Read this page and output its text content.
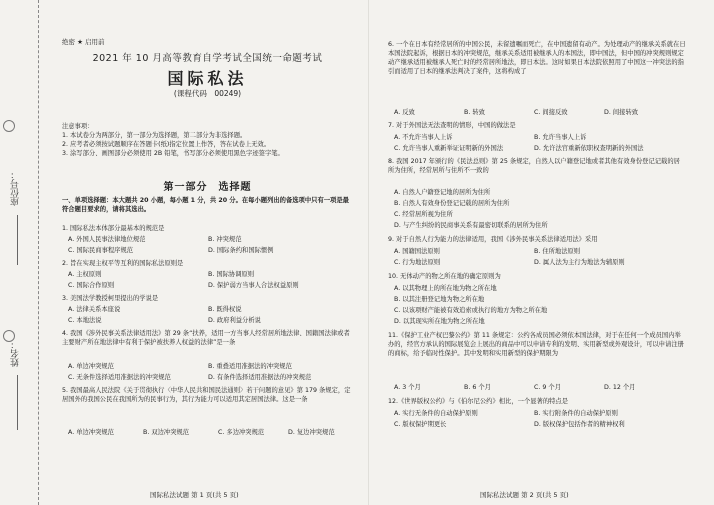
座位号：
姓名：
绝密 ★ 启用前
2021 年 10 月高等教育自学考试全国统一命题考试
国际私法
(课程代码　00249)

注意事项：

1. 本试卷分为两部分，第一部分为选择题，第二部分为非选择题。

2. 应考者必须按试题顺序在答题卡(纸)指定位置上作答，答在试卷上无效。

3. 涂写部分、画图部分必须使用 2B 铅笔，书写部分必须使用黑色字迹签字笔。

第一部分　选择题
一、单项选择题：本大题共 20 小题，每小题 1 分，共 20 分。在每小题列出的备选项中只有一项是最符合题目要求的，请将其选出。

1. 国际私法本体部分最基本的规范是

A. 外国人民事法律地位规范	B. 冲突规范
C. 国际民商事程序规范	D. 国际条约和国际惯例
2. 旨在实现主权平等互利的国际私法原则是
A. 主权原则	B. 国际协调原则
C. 国际合作原则	D. 保护弱方当事人合法权益原则
3. 美国法学教授柯里提出的学说是
A. 法律关系本座说	B. 既得权说
C. 本地法说	D. 政府利益分析说
4. 我国《涉外民事关系法律适用法》第 29 条“扶养，适用一方当事人经常居所地法律、国籍国法律或者主要财产所在地法律中有利于保护被扶养人权益的法律”是一条
A. 单边冲突规范	B. 重叠适用准据法的冲突规范
C. 无条件选择适用准据法的冲突规范	D. 有条件选择适用准据法的冲突规范
5. 我国最高人民法院《关于贯彻执行〈中华人民共和国民法通则〉若干问题的意见》第 179 条规定，定居国外的我国公民在我国所为的民事行为，其行为能力可以适用其定居国法律。这是一条
A. 单边冲突规范	B. 双边冲突规范	C. 多边冲突规范	D. 复边冲突规范
国际私法试题 第 1 页(共 5 页)
6. 一个在日本有经常居所的中国公民，未留遗嘱而死亡，在中国遗留有动产。为处理动产的继承关系就在日本国法院起诉，根据日本的冲突规范，继承关系适用被继承人的本国法，即中国法，但中国的冲突规则规定动产继承适用被继承人死亡时的经常居所地法，即日本法。这时如果日本法院依照用了中国这一冲突法的指引而适用了日本的继承法判决了案件，这将构成了
A. 反致	B. 转致	C. 间接反致	D. 间接转致
7. 对于外国法无法查明的情形，中国的做法是
A. 不允许当事人上诉	B. 允许当事人上诉
C. 允许当事人重新举证证明新的外国法	D. 允许法官重新依职权查明新的外国法
8. 我国 2017 年颁行的《民法总则》第 25 条规定，自然人以户籍登记地或者其他有效身份登记记载的居所为住所，经常居所与住所不一致的
A. 自然人户籍登记地的居所为住所
B. 自然人有效身份登记记载的居所为住所
C. 经常居所视为住所
D. 与产生纠纷的民商事关系有最密切联系的居所为住所
9. 对于自然人行为能力的法律适用，我国《涉外民事关系法律适用法》采用
A. 国籍国法原则	B. 住所地法原则
C. 行为地法原则	D. 属人法为主行为地法为辅原则
10. 无体动产的物之所在地的确定原则为
A. 以其物理上的所在地为物之所在地
B. 以其注册登记地为物之所在地
C. 以该项财产能被有效追索或执行的地方为物之所在地
D. 以其现实所在地为物之所在地
11.《保护工业产权巴黎公约》第 11 条规定：公约各成员国必须依本国法律，对于在任何一个成员国内举办的，经官方承认的国际展览会上展出的商品中可以申请专利的发明、实用新型或外观设计，可以申请注册的商标，给予临时性保护。其中发明和实用新型的保护期限为
A. 3 个月	B. 6 个月	C. 9 个月	D. 12 个月
12.《世界版权公约》与《伯尔尼公约》相比，一个显著的特点是
A. 实行无条件的自动保护原则	B. 实行附条件的自动保护原则
C. 版权保护期更长	D. 版权保护包括作者的精神权利
国际私法试题 第 2 页(共 5 页)
